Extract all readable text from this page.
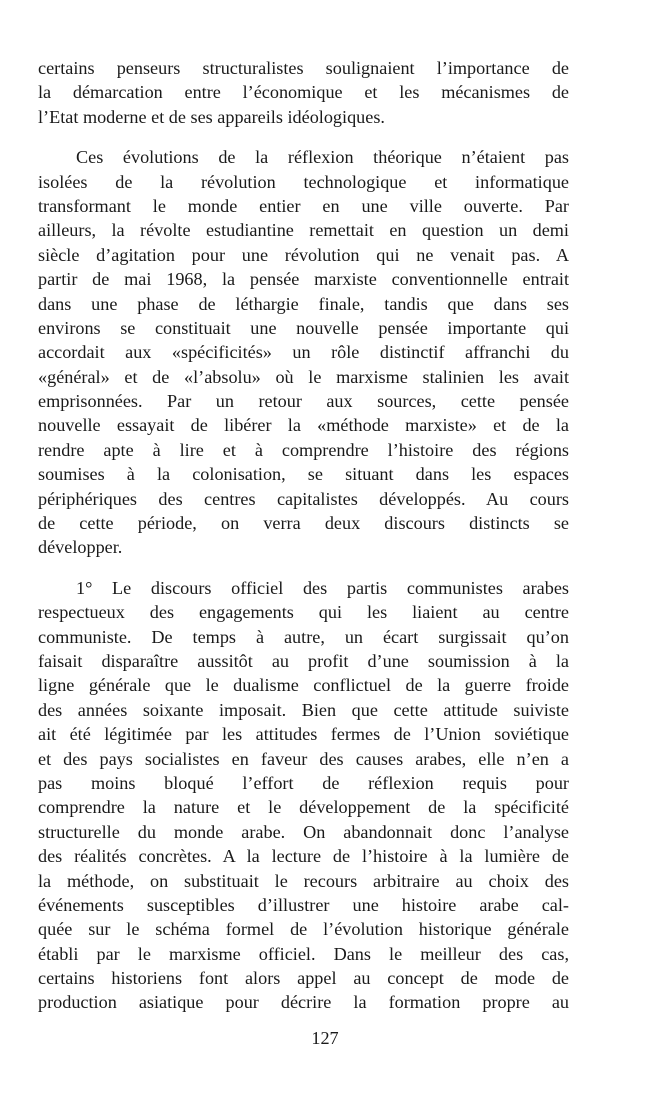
certains penseurs structuralistes soulignaient l’importance de
la démarcation entre l’économique et les mécanismes de
l’Etat moderne et de ses appareils idéologiques.
Ces évolutions de la réflexion théorique n’étaient pas
isolées de la révolution technologique et informatique
transformant le monde entier en une ville ouverte. Par
ailleurs, la révolte estudiantine remettait en question un demi
siècle d’agitation pour une révolution qui ne venait pas. A
partir de mai 1968, la pensée marxiste conventionnelle entrait
dans une phase de léthargie finale, tandis que dans ses
environs se constituait une nouvelle pensée importante qui
accordait aux «spécificités» un rôle distinctif affranchi du
«général» et de «l’absolu» où le marxisme stalinien les avait
emprisonnées. Par un retour aux sources, cette pensée
nouvelle essayait de libérer la «méthode marxiste» et de la
rendre apte à lire et à comprendre l’histoire des régions
soumises à la colonisation, se situant dans les espaces
périphériques des centres capitalistes développés. Au cours
de cette période, on verra deux discours distincts se
développer.
1° Le discours officiel des partis communistes arabes
respectueux des engagements qui les liaient au centre
communiste. De temps à autre, un écart surgissait qu’on
faisait disparaître aussitôt au profit d’une soumission à la
ligne générale que le dualisme conflictuel de la guerre froide
des années soixante imposait. Bien que cette attitude suiviste
ait été légitimée par les attitudes fermes de l’Union soviétique
et des pays socialistes en faveur des causes arabes, elle n’en a
pas moins bloqué l’effort de réflexion requis pour
comprendre la nature et le développement de la spécificité
structurelle du monde arabe. On abandonnait donc l’analyse
des réalités concrètes. A la lecture de l’histoire à la lumière de
la méthode, on substituait le recours arbitraire au choix des
événements susceptibles d’illustrer une histoire arabe cal-
quée sur le schéma formel de l’évolution historique générale
établi par le marxisme officiel. Dans le meilleur des cas,
certains historiens font alors appel au concept de mode de
production asiatique pour décrire la formation propre au
127
